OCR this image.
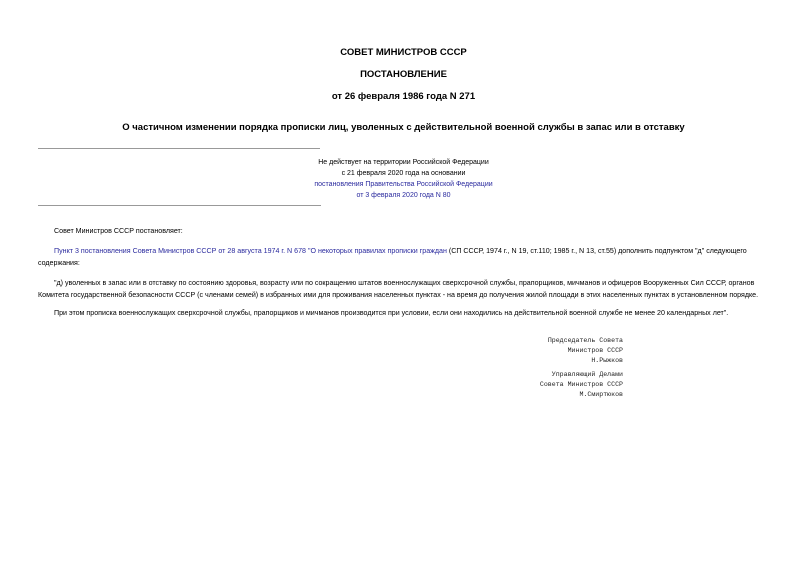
СОВЕТ МИНИСТРОВ СССР
ПОСТАНОВЛЕНИЕ
от 26 февраля 1986 года N 271
О частичном изменении порядка прописки лиц, уволенных с действительной военной службы в запас или в отставку
Не действует на территории Российской Федерации
с 21 февраля 2020 года на основании
постановления Правительства Российской Федерации
от 3 февраля 2020 года N 80
Совет Министров СССР постановляет:
Пункт 3 постановления Совета Министров СССР от 28 августа 1974 г. N 678 "О некоторых правилах прописки граждан (СП СССР, 1974 г., N 19, ст.110; 1985 г., N 13, ст.55) дополнить подпунктом "д" следующего содержания:
"д) уволенных в запас или в отставку по состоянию здоровья, возрасту или по сокращению штатов военнослужащих сверхсрочной службы, прапорщиков, мичманов и офицеров Вооруженных Сил СССР, органов Комитета государственной безопасности СССР (с членами семей) в избранных ими для проживания населенных пунктах - на время до получения жилой площади в этих населенных пунктах в установленном порядке.
При этом прописка военнослужащих сверхсрочной службы, прапорщиков и мичманов производится при условии, если они находились на действительной военной службе не менее 20 календарных лет".
Председатель Совета
Министров СССР
Н.Рыжков
Управляющий Делами
Совета Министров СССР
М.Смиртюков
